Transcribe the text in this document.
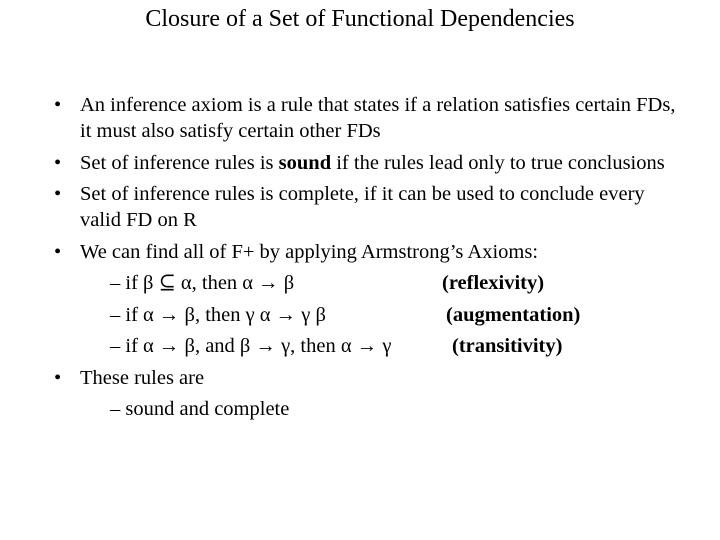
Closure of a Set of Functional Dependencies
• An inference axiom is a rule that states if a relation satisfies certain FDs, it must also satisfy certain other FDs
• Set of inference rules is sound if the rules lead only to true conclusions
• Set of inference rules is complete, if it can be used to conclude every valid FD on R
• We can find all of F+ by applying Armstrong’s Axioms:
– if β ⊆ α, then α → β	(reflexivity)
– if α → β, then γ α → γ β	(augmentation)
– if α → β, and β → γ, then α → γ	(transitivity)
• These rules are
– sound and complete
